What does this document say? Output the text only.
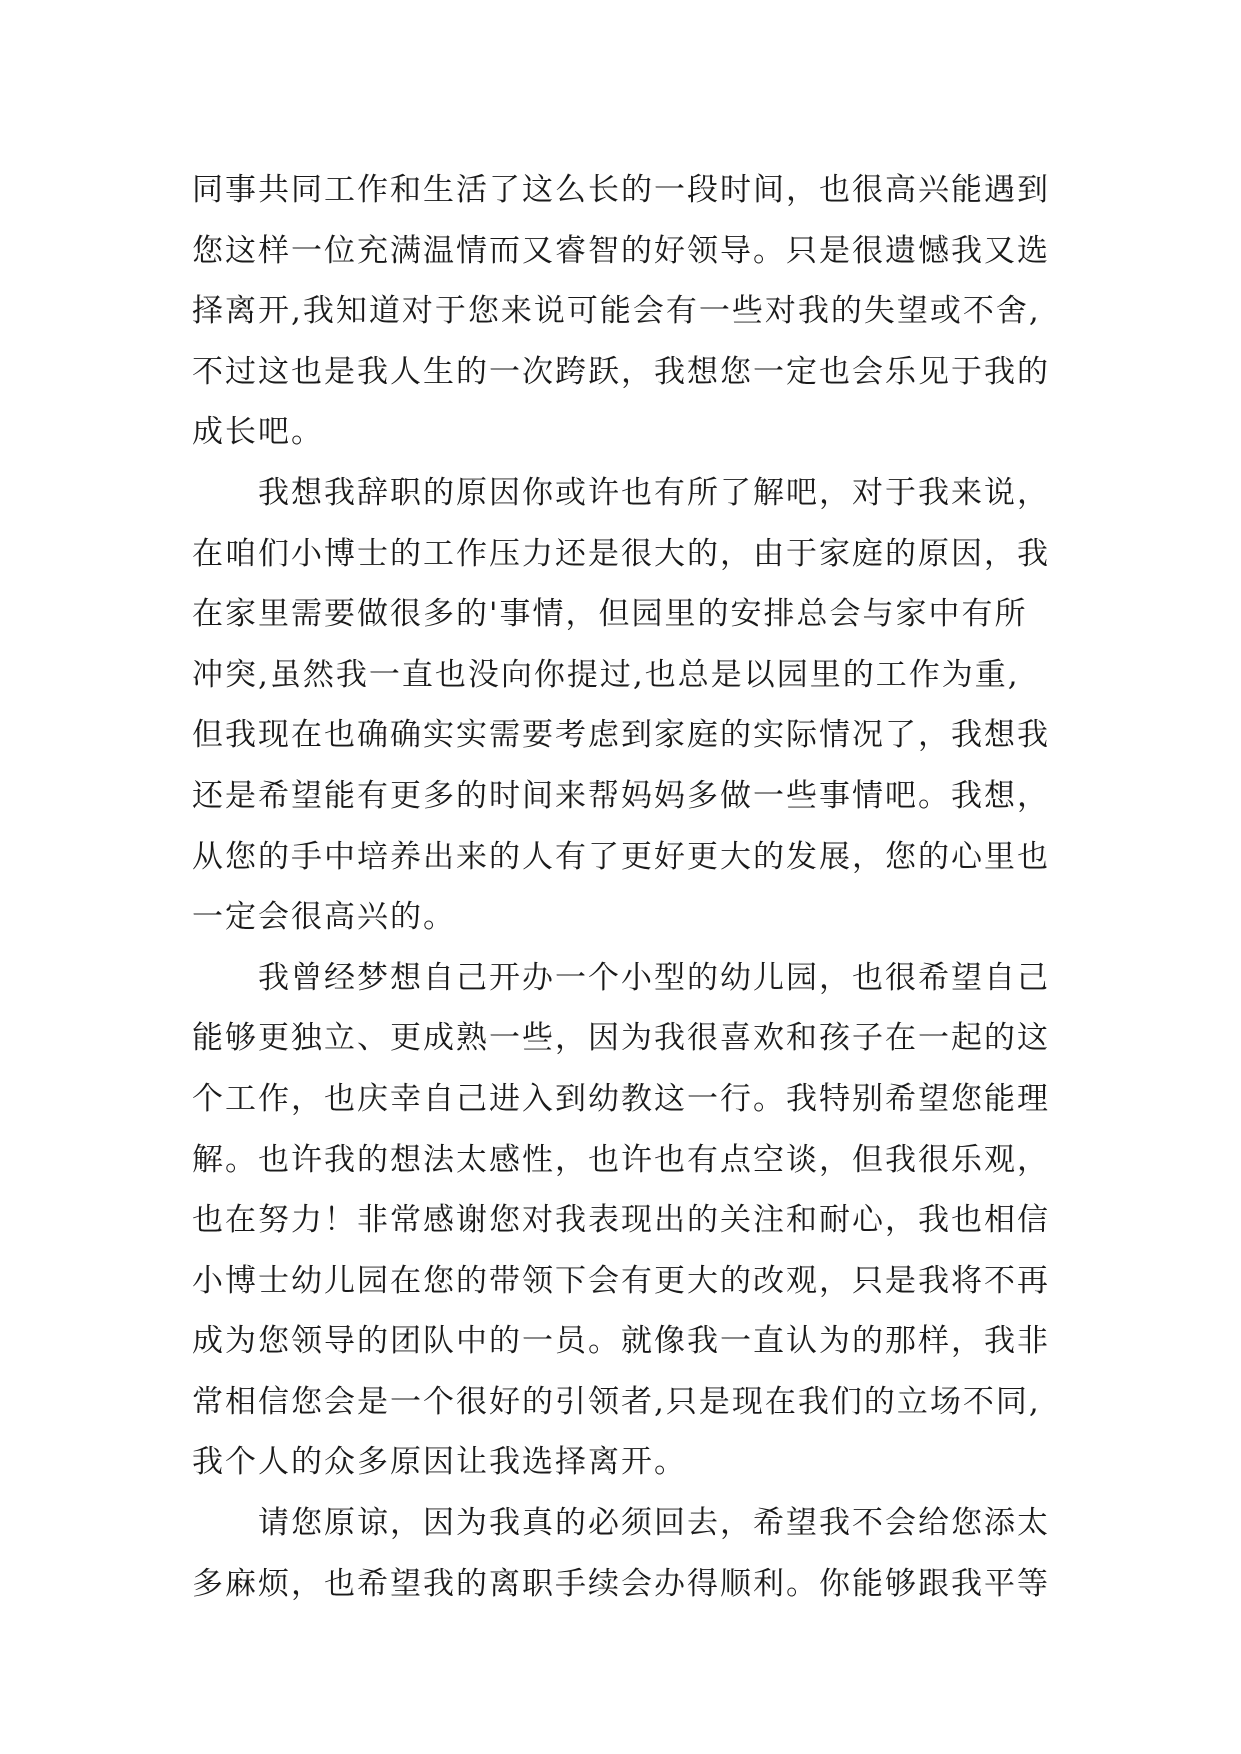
同事共同工作和生活了这么长的一段时间，也很高兴能遇到
您这样一位充满温情而又睿智的好领导。只是很遗憾我又选
择离开,我知道对于您来说可能会有一些对我的失望或不舍,
不过这也是我人生的一次跨跃，我想您一定也会乐见于我的
成长吧。
我想我辞职的原因你或许也有所了解吧，对于我来说，
在咱们小博士的工作压力还是很大的，由于家庭的原因，我
在家里需要做很多的'事情，但园里的安排总会与家中有所
冲突,虽然我一直也没向你提过,也总是以园里的工作为重,
但我现在也确确实实需要考虑到家庭的实际情况了，我想我
还是希望能有更多的时间来帮妈妈多做一些事情吧。我想，
从您的手中培养出来的人有了更好更大的发展，您的心里也
一定会很高兴的。
我曾经梦想自己开办一个小型的幼儿园，也很希望自己
能够更独立、更成熟一些，因为我很喜欢和孩子在一起的这
个工作，也庆幸自己进入到幼教这一行。我特别希望您能理
解。也许我的想法太感性，也许也有点空谈，但我很乐观，
也在努力！非常感谢您对我表现出的关注和耐心，我也相信
小博士幼儿园在您的带领下会有更大的改观，只是我将不再
成为您领导的团队中的一员。就像我一直认为的那样，我非
常相信您会是一个很好的引领者,只是现在我们的立场不同,
我个人的众多原因让我选择离开。
请您原谅，因为我真的必须回去，希望我不会给您添太
多麻烦，也希望我的离职手续会办得顺利。你能够跟我平等
